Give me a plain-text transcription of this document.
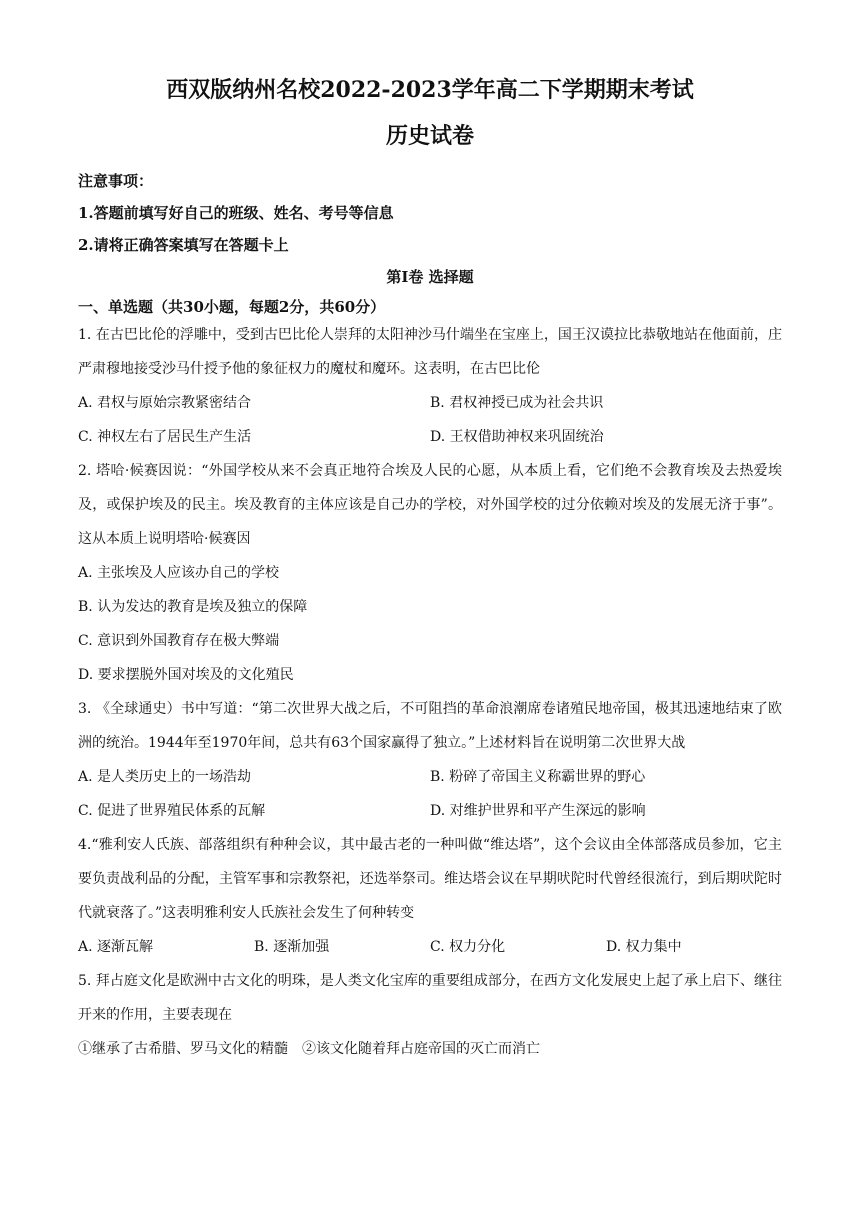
西双版纳州名校2022-2023学年高二下学期期末考试
历史试卷
注意事项：
1.答题前填写好自己的班级、姓名、考号等信息
2.请将正确答案填写在答题卡上
第Ⅰ卷 选择题
一、单选题（共30小题，每题2分，共60分）
1. 在古巴比伦的浮雕中，受到古巴比伦人崇拜的太阳神沙马什端坐在宝座上，国王汉谟拉比恭敬地站在他面前，庄严肃穆地接受沙马什授予他的象征权力的魔杖和魔环。这表明，在古巴比伦
A. 君权与原始宗教紧密结合	B. 君权神授已成为社会共识
C. 神权左右了居民生产生活	D. 王权借助神权来巩固统治
2. 塔哈·候赛因说：“外国学校从来不会真正地符合埃及人民的心愿，从本质上看，它们绝不会教育埃及去热爱埃及，或保护埃及的民主。埃及教育的主体应该是自己办的学校，对外国学校的过分依赖对埃及的发展无济于事”。这从本质上说明塔哈·候赛因
A. 主张埃及人应该办自己的学校
B. 认为发达的教育是埃及独立的保障
C. 意识到外国教育存在极大弊端
D. 要求摆脱外国对埃及的文化殖民
3. 《全球通史）书中写道：“第二次世界大战之后，不可阻挡的革命浪潮席卷诸殖民地帝国，极其迅速地结束了欧洲的统治。1944年至1970年间，总共有63个国家赢得了独立。”上述材料旨在说明第二次世界大战
A. 是人类历史上的一场浩劫	B. 粉碎了帝国主义称霸世界的野心
C. 促进了世界殖民体系的瓦解	D. 对维护世界和平产生深远的影响
4.“雅利安人氏族、部落组织有种种会议，其中最古老的一种叫做“维达塔”，这个会议由全体部落成员参加，它主要负责战利品的分配，主管军事和宗教祭祀，还选举祭司。维达塔会议在早期吠陀时代曾经很流行，到后期吠陀时代就衰落了。”这表明雅利安人氏族社会发生了何种转变
A. 逐渐瓦解	B. 逐渐加强	C. 权力分化	D. 权力集中
5. 拜占庭文化是欧洲中古文化的明珠，是人类文化宝库的重要组成部分，在西方文化发展史上起了承上启下、继往开来的作用，主要表现在
①继承了古希腊、罗马文化的精髓　②该文化随着拜占庭帝国的灭亡而消亡
